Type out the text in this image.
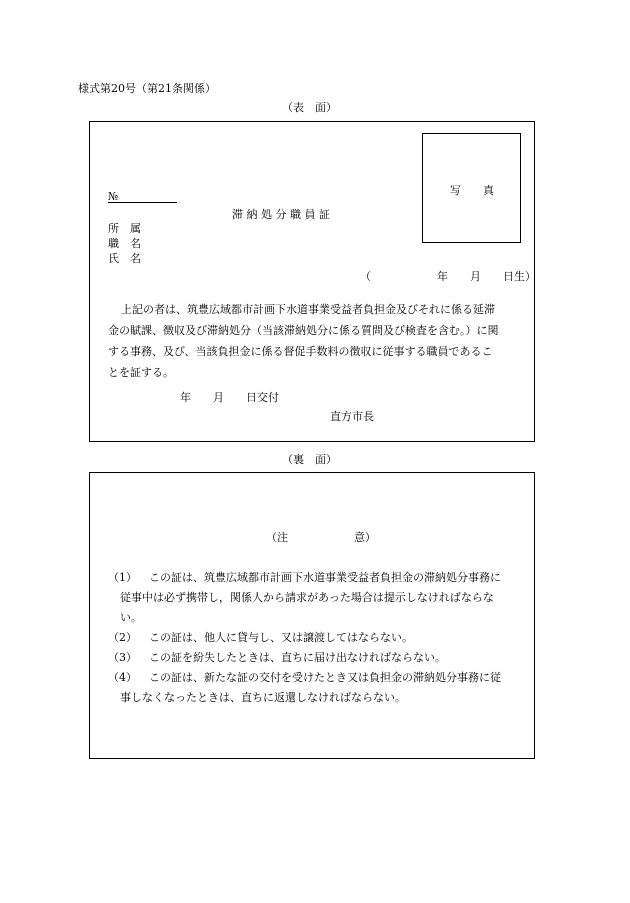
様式第20号（第21条関係）
（表　面）
写　　真
№
滞 納 処 分 職 員 証
所　属
職　名
氏　名
（　　　　　　年　　月　　日生）
上記の者は、筑豊広域都市計画下水道事業受益者負担金及びそれに係る延滞
金の賦課、徴収及び滞納処分（当該滞納処分に係る質問及び検査を含む。）に関
する事務、及び、当該負担金に係る督促手数料の徴収に従事する職員であるこ
とを証する。
年　　月　　日交付
直方市長
（裏　面）
（注　　　　　　意）
（1） この証は、筑豊広域都市計画下水道事業受益者負担金の滞納処分事務に
従事中は必ず携帯し，関係人から請求があった場合は提示しなければならな
い。
（2） この証は、他人に貸与し、又は譲渡してはならない。
（3） この証を紛失したときは、直ちに届け出なければならない。
（4） この証は、新たな証の交付を受けたとき又は負担金の滞納処分事務に従
事しなくなったときは、直ちに返還しなければならない。
